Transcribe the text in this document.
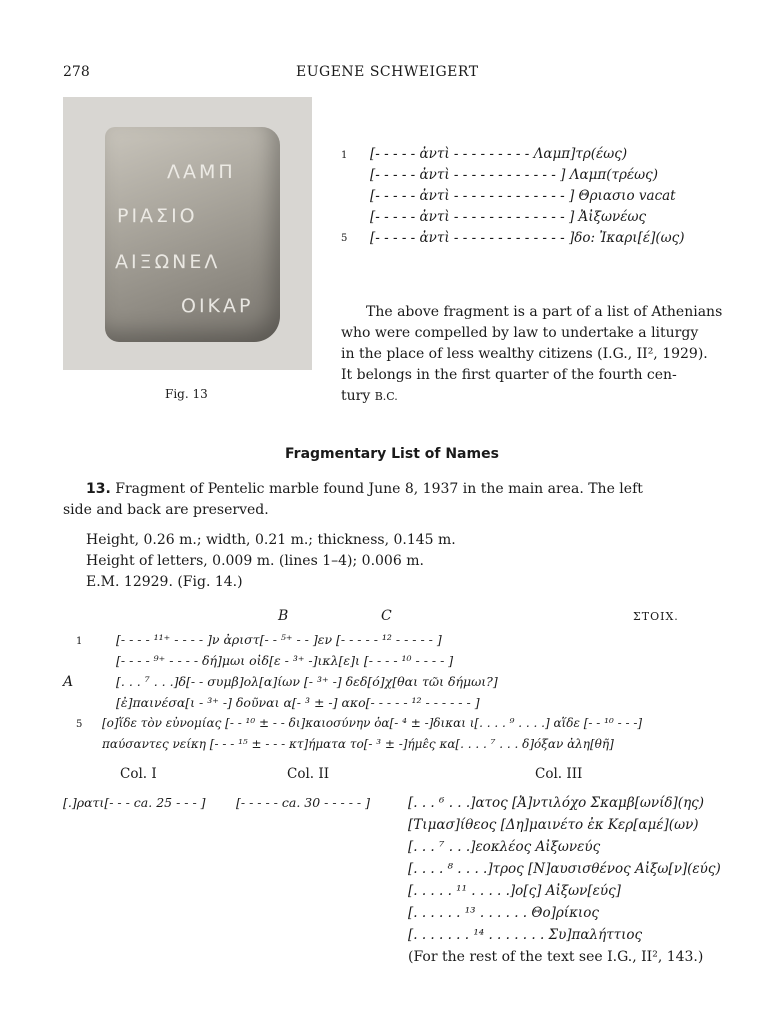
278	EUGENE SCHWEIGERT
ΛΑΜΠ
ΡΙΑΣΙΟ
ΑΙΞΩΝΕΛ
ΟΙΚΑΡ
Fig. 13
1
5
[- - - - - ἀντὶ - - - - - - - - - Λαμπ]τρ(έως)
[- - - - - ἀντὶ - - - - - - - - - - - - ] Λαμπ(τρέως)
[- - - - - ἀντὶ - - - - - - - - - - - - - ] Θριασιο vacat
[- - - - - ἀντὶ - - - - - - - - - - - - - ] Ἀἰξωνέως
[- - - - - ἀντὶ - - - - - - - - - - - - - ]δο: Ἰκαρι[έ](ως)
The above fragment is a part of a list of Athenians
who were compelled by law to undertake a liturgy
in the place of less wealthy citizens (I.G., II², 1929).
It belongs in the first quarter of the fourth cen-
tury B.C.
Fragmentary List of Names
13. Fragment of Pentelic marble found June 8, 1937 in the main area. The left
side and back are preserved.
Height, 0.26 m.; width, 0.21 m.; thickness, 0.145 m.
Height of letters, 0.009 m. (lines 1–4); 0.006 m.
E.M. 12929. (Fig. 14.)
B	C	ΣΤΟΙΧ.
A
1
5
[- - - - ¹¹⁺ - - - - ]ν ἀριστ[- - ⁵⁺ - - ]εν [- - - - - ¹² - - - - - ]
[- - - - ⁹⁺ - - - - δή]μωι οἰδ[ε - ³⁺ -]ικλ[ε]ι [- - - - ¹⁰ - - - - ]
[. . . ⁷ . . .]δ[- - συμβ]ολ[α]ίων [- ³⁺ -] δεδ[ό]χ[θαι τῶι δήμωι?]
[ἐ]παινέσα[ι - ³⁺ -] δοῦναι α[- ³ ± -] ακο[- - - - - ¹² - - - - - - ]
[ο]ἵδε τὸν εὐνομίας [- - ¹⁰ ± - - δι]καιοσύνην ὁα[- ⁴ ± -]δικαι ι[. . . . ⁹ . . . .] αἵδε [- - ¹⁰ - - -]
παύσαντες νείκη [- - - ¹⁵ ± - - - κτ]ήματα το[- ³ ± -]ήμε̂ς κα[. . . . ⁷ . . . δ]όξαν ἀλη[θῆ]
Col. I	Col. II	Col. III
[.]ρατι[- - - ca. 25 - - - ] [- - - - - ca. 30 - - - - - ]	[. . . ⁶ . . .]ατος [Ἀ]ντιλόχο Σκαμβ[ωνίδ](ης)
[Τιμασ]ίθεος [Δη]μαινέτο ἐκ Κερ[αμέ](ων)
[. . . ⁷ . . .]εοκλέος Αἰξωνεύς
[. . . . ⁸ . . . .]τρος [Ν]αυσισθένος Αἰξω[ν](εύς)
[. . . . . ¹¹ . . . . .]ο[ς] Αἰξων[εύς]
[. . . . . . ¹³ . . . . . . Θο]ρίκιος
[. . . . . . . ¹⁴ . . . . . . . Συ]παλήττιος
(For the rest of the text see I.G., II², 143.)
